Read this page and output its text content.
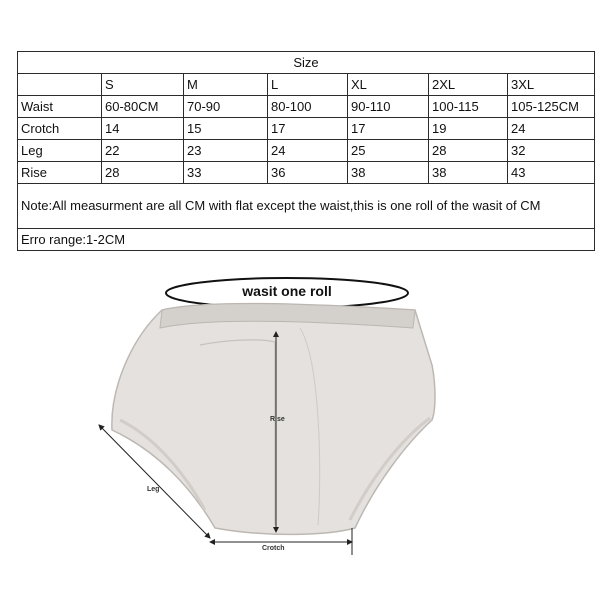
Size						
	S	M	L	XL	2XL	3XL
Waist	60-80CM	70-90	80-100	90-110	100-115	105-125CM
Crotch	14	15	17	17	19	24
Leg	22	23	24	25	28	32
Rise	28	33	36	38	38	43
Note:All measurment are all CM with flat except the waist,this is one roll of the wasit of CM						
Erro range:1-2CM						
wasit one roll
Rise
Leg
Crotch
